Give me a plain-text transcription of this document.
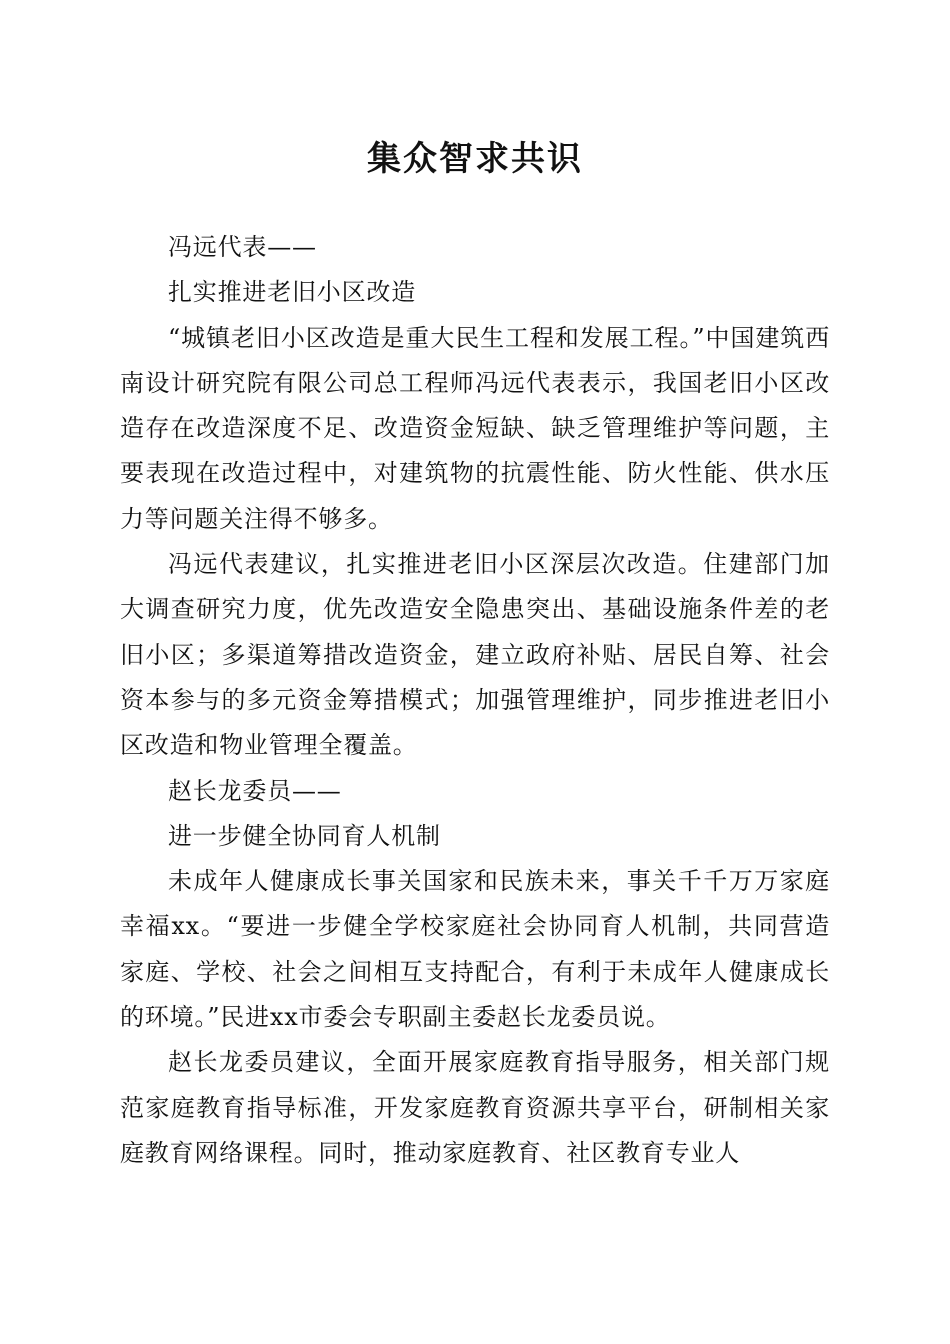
集众智求共识

冯远代表——

扎实推进老旧小区改造

“城镇老旧小区改造是重大民生工程和发展工程。”中国建筑西南设计研究院有限公司总工程师冯远代表表示，我国老旧小区改造存在改造深度不足、改造资金短缺、缺乏管理维护等问题，主要表现在改造过程中，对建筑物的抗震性能、防火性能、供水压力等问题关注得不够多。

冯远代表建议，扎实推进老旧小区深层次改造。住建部门加大调查研究力度，优先改造安全隐患突出、基础设施条件差的老旧小区；多渠道筹措改造资金，建立政府补贴、居民自筹、社会资本参与的多元资金筹措模式；加强管理维护，同步推进老旧小区改造和物业管理全覆盖。

赵长龙委员——

进一步健全协同育人机制

未成年人健康成长事关国家和民族未来，事关千千万万家庭幸福xx。“要进一步健全学校家庭社会协同育人机制，共同营造家庭、学校、社会之间相互支持配合，有利于未成年人健康成长的环境。”民进xx市委会专职副主委赵长龙委员说。

赵长龙委员建议，全面开展家庭教育指导服务，相关部门规范家庭教育指导标准，开发家庭教育资源共享平台，研制相关家庭教育网络课程。同时，推动家庭教育、社区教育专业人
